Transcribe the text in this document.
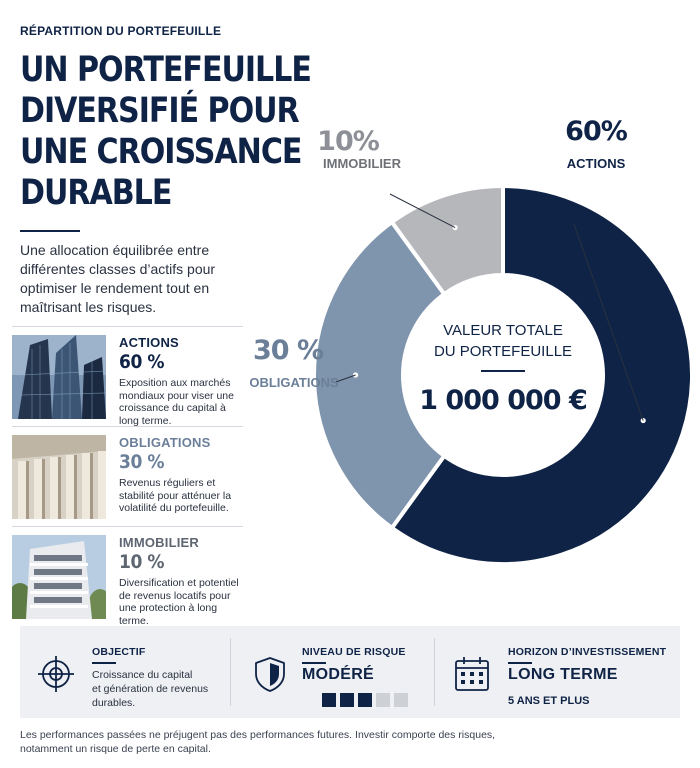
RÉPARTITION DU PORTEFEUILLE
UN PORTEFEUILLE
DIVERSIFIÉ POUR
UNE CROISSANCE
DURABLE

Une allocation équilibrée entre différentes classes d’actifs pour optimiser le rendement tout en maîtrisant les risques.

ACTIONS
60 %
Exposition aux marchés mondiaux pour viser une croissance du capital à long terme.
OBLIGATIONS
30 %
Revenus réguliers et stabilité pour atténuer la volatilité du portefeuille.
IMMOBILIER
10 %
Diversification et potentiel de revenus locatifs pour une protection à long terme.
60%
ACTIONS
30 %
OBLIGATIONS
10%
IMMOBILIER
VALEUR TOTALE
DU PORTEFEUILLE
1 000 000 €
OBJECTIF
Croissance du capital
et génération de revenus
durables.
NIVEAU DE RISQUE
MODÉRÉ
HORIZON D’INVESTISSEMENT
LONG TERME
5 ANS ET PLUS

Les performances passées ne préjugent pas des performances futures. Investir comporte des risques, notamment un risque de perte en capital.
